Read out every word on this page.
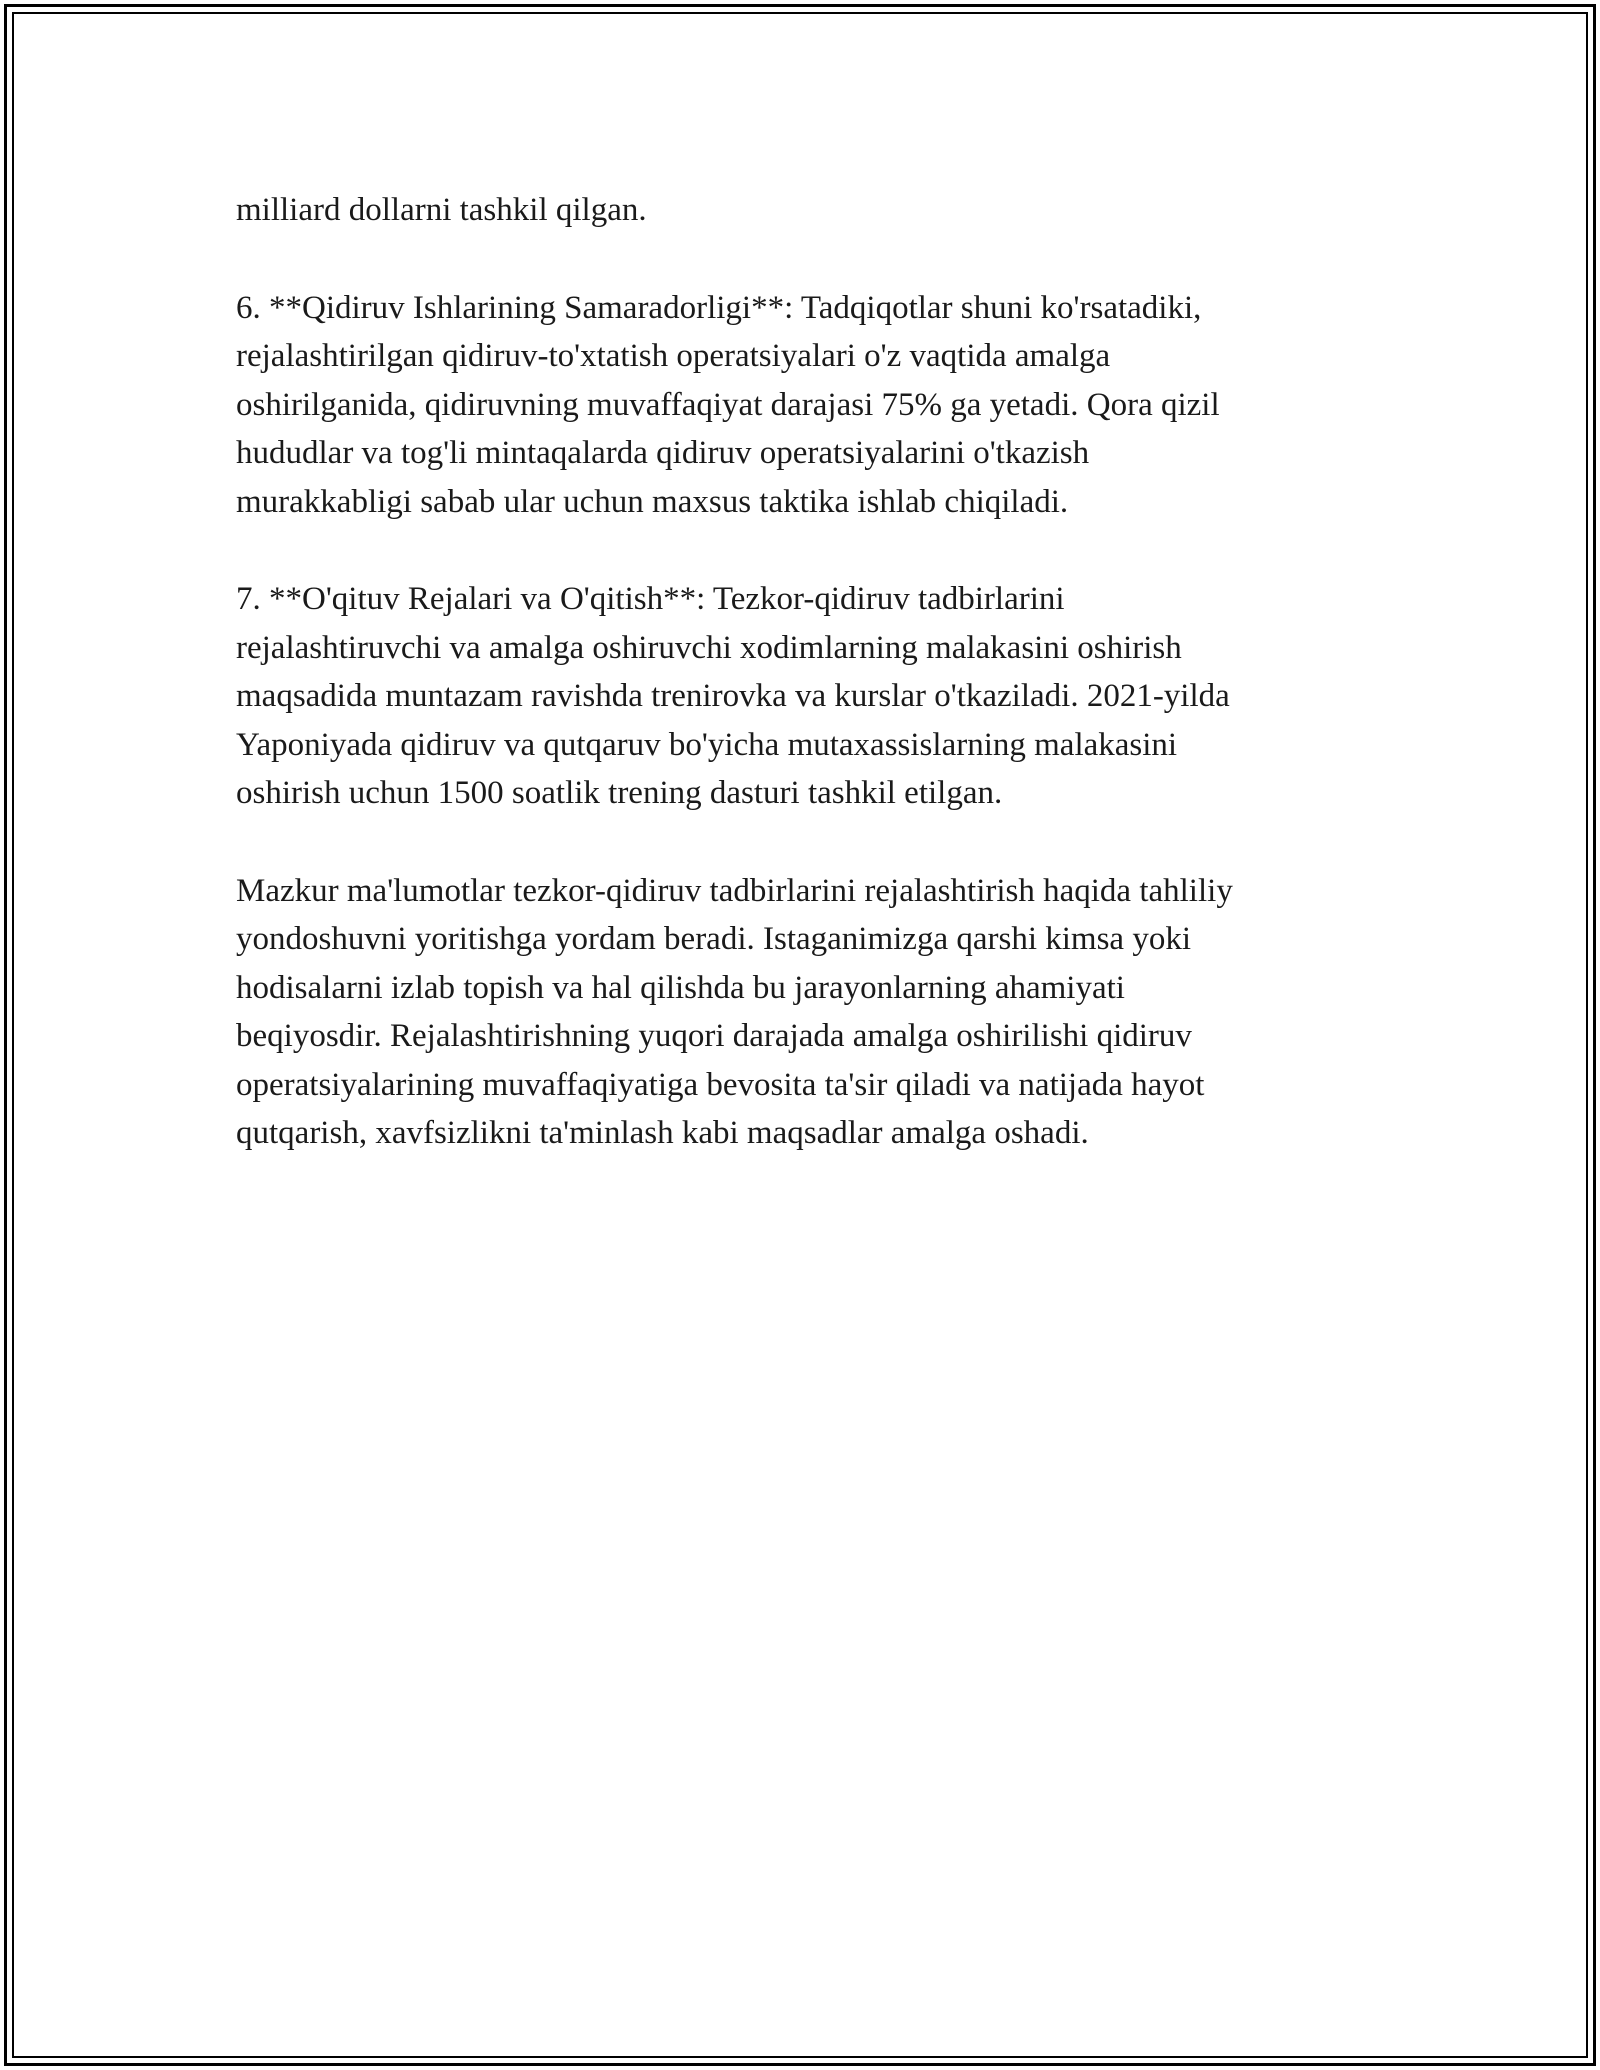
milliard dollarni tashkil qilgan.

6. **Qidiruv Ishlarining Samaradorligi**: Tadqiqotlar shuni ko'rsatadiki,
rejalashtirilgan qidiruv-to'xtatish operatsiyalari o'z vaqtida amalga
oshirilganida, qidiruvning muvaffaqiyat darajasi 75% ga yetadi. Qora qizil
hududlar va tog'li mintaqalarda qidiruv operatsiyalarini o'tkazish
murakkabligi sabab ular uchun maxsus taktika ishlab chiqiladi.

7. **O'qituv Rejalari va O'qitish**: Tezkor-qidiruv tadbirlarini
rejalashtiruvchi va amalga oshiruvchi xodimlarning malakasini oshirish
maqsadida muntazam ravishda trenirovka va kurslar o'tkaziladi. 2021-yilda
Yaponiyada qidiruv va qutqaruv bo'yicha mutaxassislarning malakasini
oshirish uchun 1500 soatlik trening dasturi tashkil etilgan.

Mazkur ma'lumotlar tezkor-qidiruv tadbirlarini rejalashtirish haqida tahliliy
yondoshuvni yoritishga yordam beradi. Istaganimizga qarshi kimsa yoki
hodisalarni izlab topish va hal qilishda bu jarayonlarning ahamiyati
beqiyosdir. Rejalashtirishning yuqori darajada amalga oshirilishi qidiruv
operatsiyalarining muvaffaqiyatiga bevosita ta'sir qiladi va natijada hayot
qutqarish, xavfsizlikni ta'minlash kabi maqsadlar amalga oshadi.
